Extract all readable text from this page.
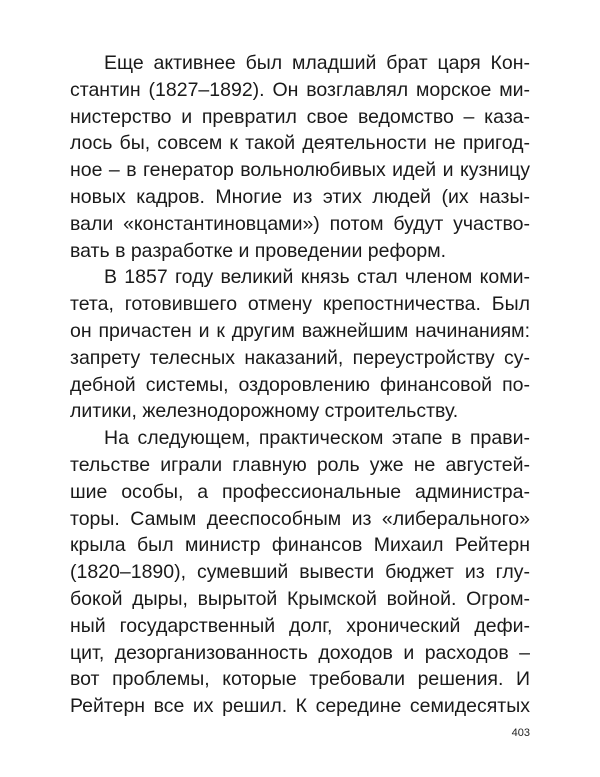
Еще активнее был младший брат царя Кон-
стантин (1827–1892). Он возглавлял морское ми-
нистерство и превратил свое ведомство – каза-
лось бы, совсем к такой деятельности не пригод-
ное – в генератор вольнолюбивых идей и кузницу
новых кадров. Многие из этих людей (их назы-
вали «константиновцами») потом будут участво-
вать в разработке и проведении реформ.
В 1857 году великий князь стал членом коми-
тета, готовившего отмену крепостничества. Был
он причастен и к другим важнейшим начинаниям:
запрету телесных наказаний, переустройству су-
дебной системы, оздоровлению финансовой по-
литики, железнодорожному строительству.
На следующем, практическом этапе в прави-
тельстве играли главную роль уже не августей-
шие особы, а профессиональные администра-
торы. Самым дееспособным из «либерального»
крыла был министр финансов Михаил Рейтерн
(1820–1890), сумевший вывести бюджет из глу-
бокой дыры, вырытой Крымской войной. Огром-
ный государственный долг, хронический дефи-
цит, дезорганизованность доходов и расходов –
вот проблемы, которые требовали решения. И
Рейтерн все их решил. К середине семидесятых
403
